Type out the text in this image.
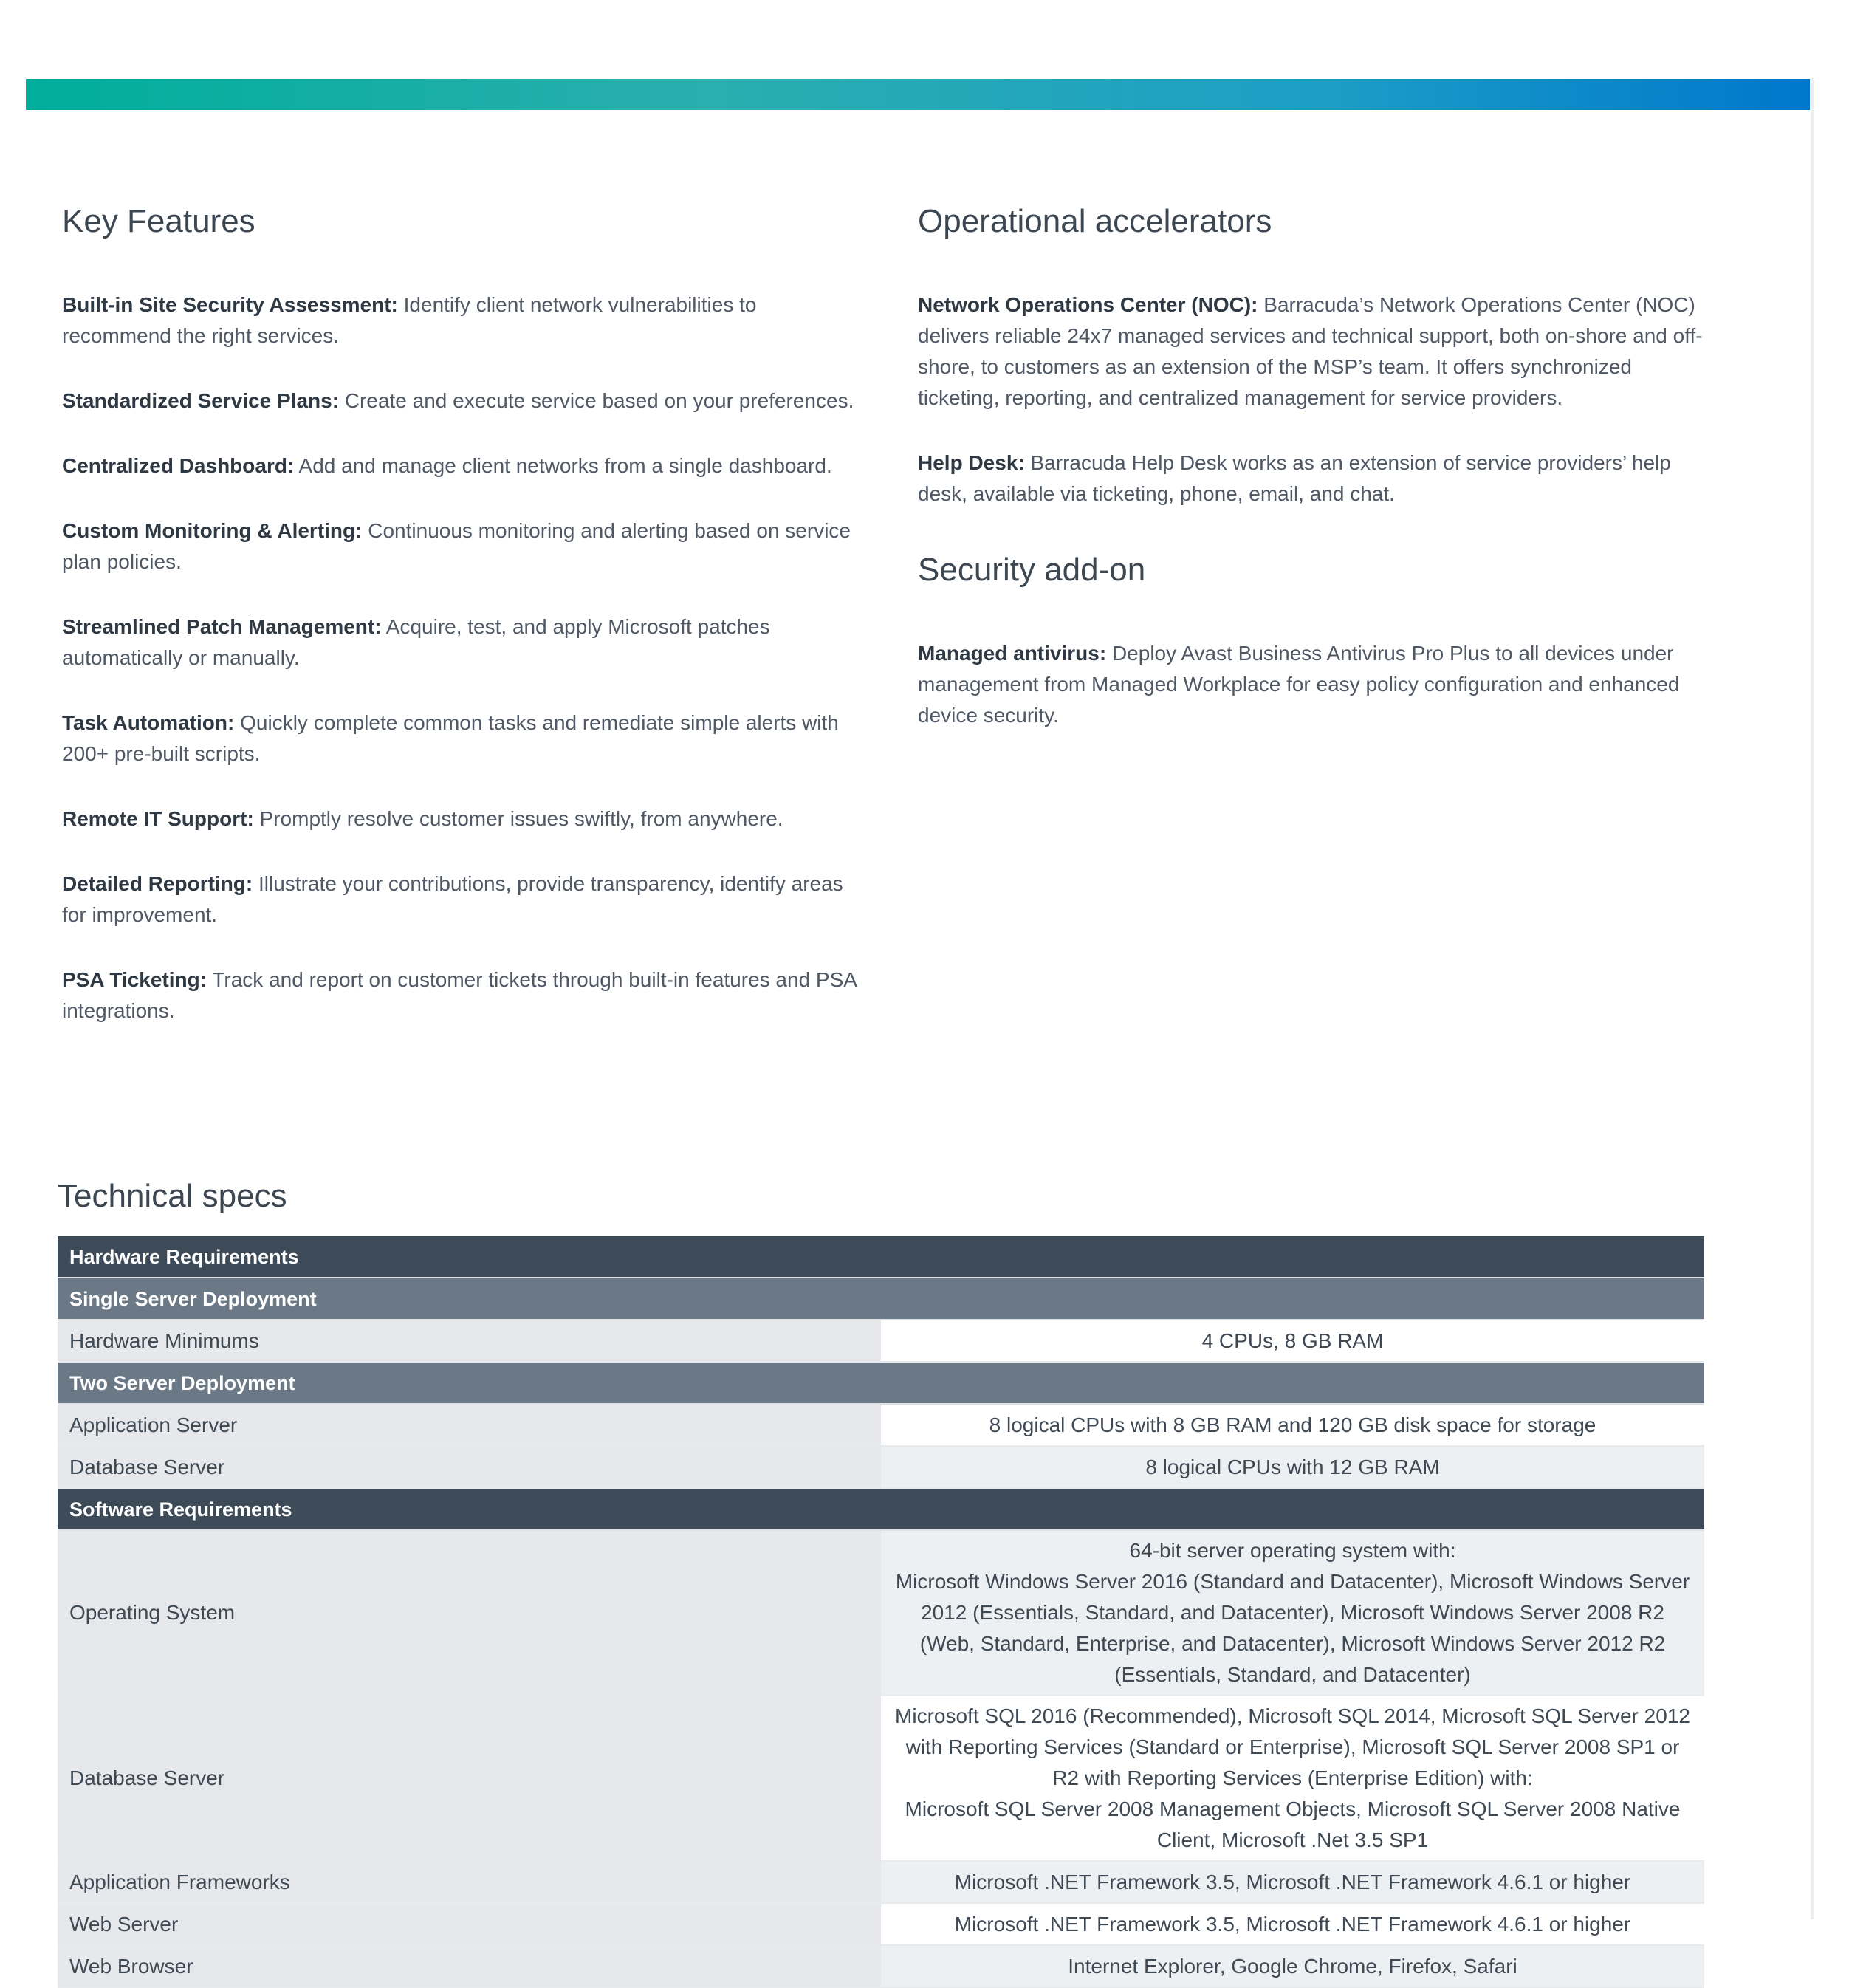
Key Features

Built-in Site Security Assessment: Identify client network vulnerabilities to recommend the right services.

Standardized Service Plans: Create and execute service based on your preferences.

Centralized Dashboard: Add and manage client networks from a single dashboard.

Custom Monitoring & Alerting: Continuous monitoring and alerting based on service plan policies.

Streamlined Patch Management: Acquire, test, and apply Microsoft patches automatically or manually.

Task Automation: Quickly complete common tasks and remediate simple alerts with 200+ pre-built scripts.

Remote IT Support: Promptly resolve customer issues swiftly, from anywhere.

Detailed Reporting: Illustrate your contributions, provide transparency, identify areas for improvement.

PSA Ticketing: Track and report on customer tickets through built-in features and PSA integrations.

Operational accelerators

Network Operations Center (NOC): Barracuda’s Network Operations Center (NOC) delivers reliable 24x7 managed services and technical support, both on-shore and off-shore, to customers as an extension of the MSP’s team. It offers synchronized ticketing, reporting, and centralized management for service providers.

Help Desk: Barracuda Help Desk works as an extension of service providers’ help desk, available via ticketing, phone, email, and chat.

Security add-on

Managed antivirus: Deploy Avast Business Antivirus Pro Plus to all devices under management from Managed Workplace for easy policy configuration and enhanced device security.

Technical specs
Hardware Requirements	
Single Server Deployment	
Hardware Minimums	4 CPUs, 8 GB RAM
Two Server Deployment	
Application Server	8 logical CPUs with 8 GB RAM and 120 GB disk space for storage
Database Server	8 logical CPUs with 12 GB RAM
Software Requirements	
Operating System	64-bit server operating system with:
Microsoft Windows Server 2016 (Standard and Datacenter), Microsoft Windows Server 2012 (Essentials, Standard, and Datacenter), Microsoft Windows Server 2008 R2 (Web, Standard, Enterprise, and Datacenter), Microsoft Windows Server 2012 R2 (Essentials, Standard, and Datacenter)

Database Server	Microsoft SQL 2016 (Recommended), Microsoft SQL 2014, Microsoft SQL Server 2012 with Reporting Services (Standard or Enterprise), Microsoft SQL Server 2008 SP1 or R2 with Reporting Services (Enterprise Edition) with:
Microsoft SQL Server 2008 Management Objects, Microsoft SQL Server 2008 Native Client, Microsoft .Net 3.5 SP1

Application Frameworks	Microsoft .NET Framework 3.5, Microsoft .NET Framework 4.6.1 or higher
Web Server	Microsoft .NET Framework 3.5, Microsoft .NET Framework 4.6.1 or higher
Web Browser	Internet Explorer, Google Chrome, Firefox, Safari
